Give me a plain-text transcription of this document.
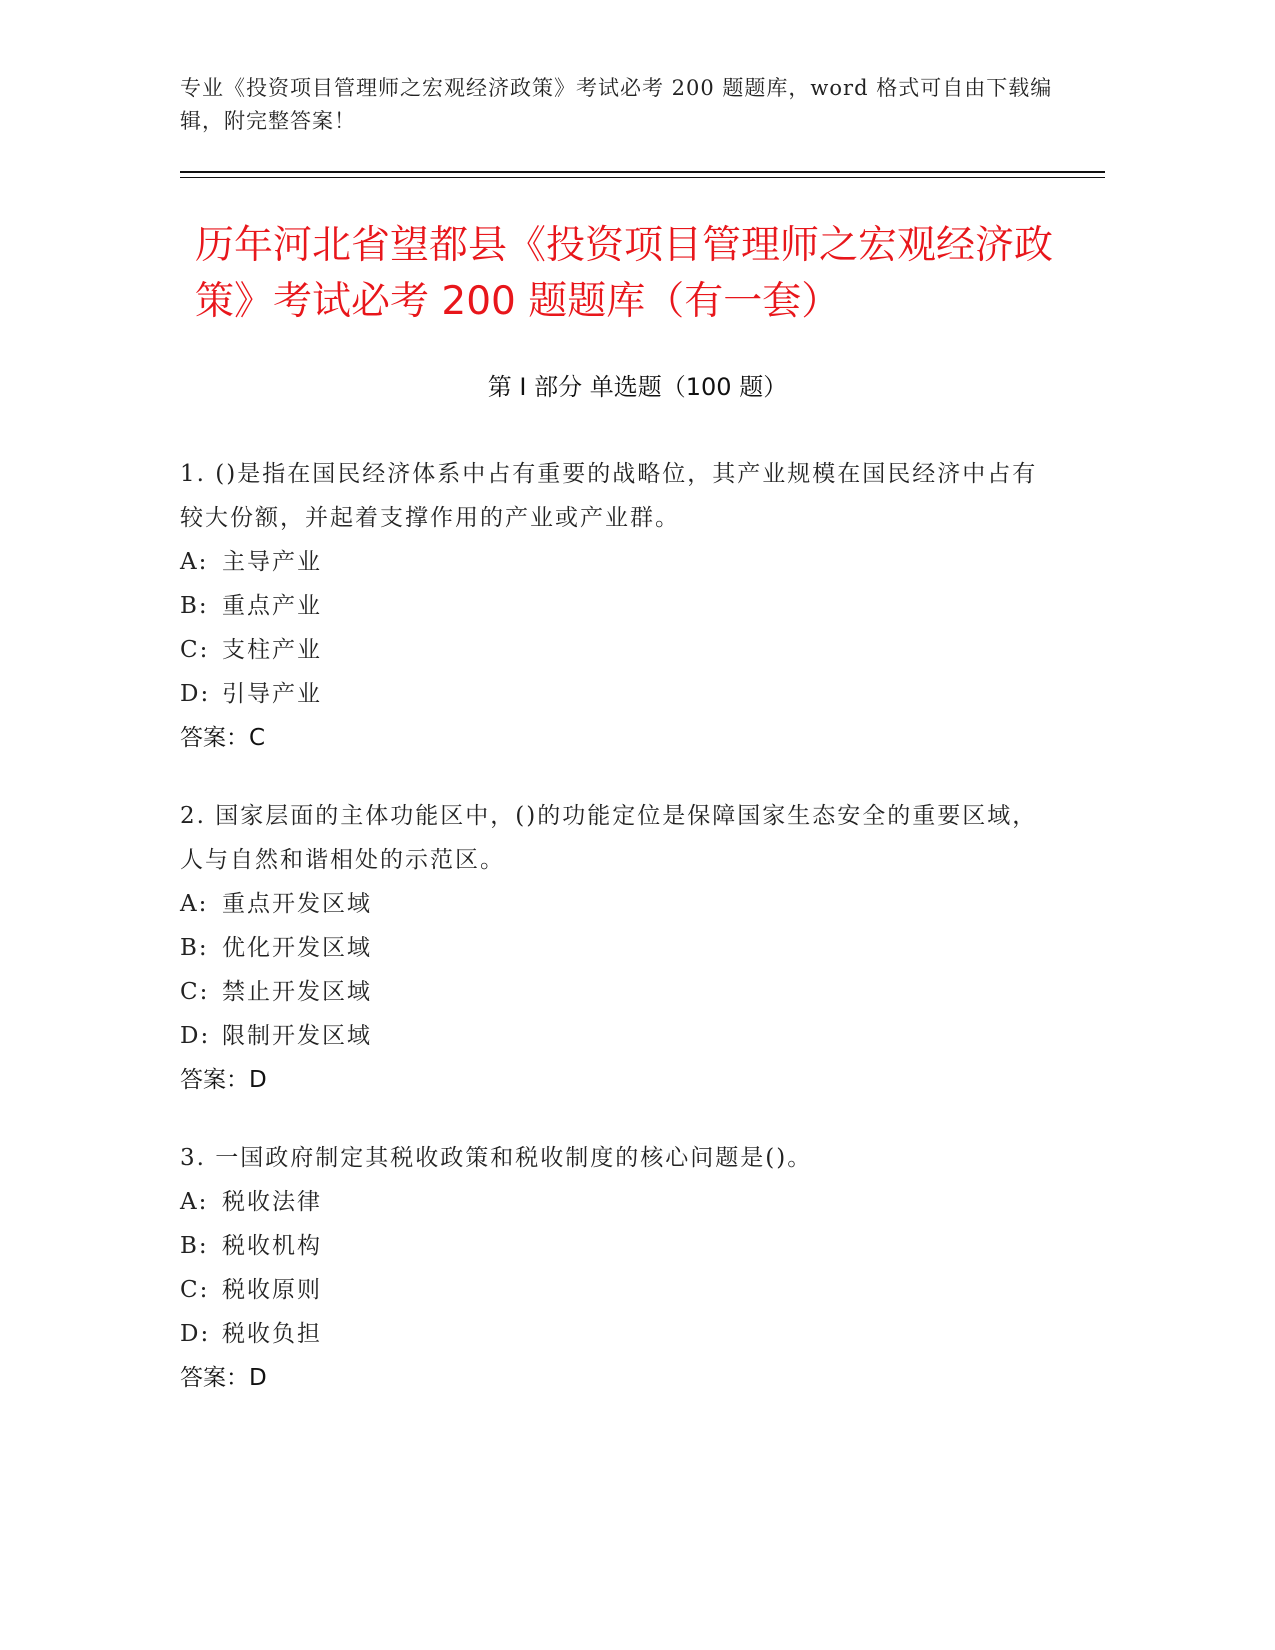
专业《投资项目管理师之宏观经济政策》考试必考 200 题题库，word 格式可自由下载编辑，附完整答案！
历年河北省望都县《投资项目管理师之宏观经济政策》考试必考 200 题题库（有一套）
第 I 部分 单选题（100 题）
1. ()是指在国民经济体系中占有重要的战略位，其产业规模在国民经济中占有较大份额，并起着支撑作用的产业或产业群。
A: 主导产业
B: 重点产业
C: 支柱产业
D: 引导产业
答案：C
2. 国家层面的主体功能区中，()的功能定位是保障国家生态安全的重要区域，人与自然和谐相处的示范区。
A: 重点开发区域
B: 优化开发区域
C: 禁止开发区域
D: 限制开发区域
答案：D
3. 一国政府制定其税收政策和税收制度的核心问题是()。
A: 税收法律
B: 税收机构
C: 税收原则
D: 税收负担
答案：D
